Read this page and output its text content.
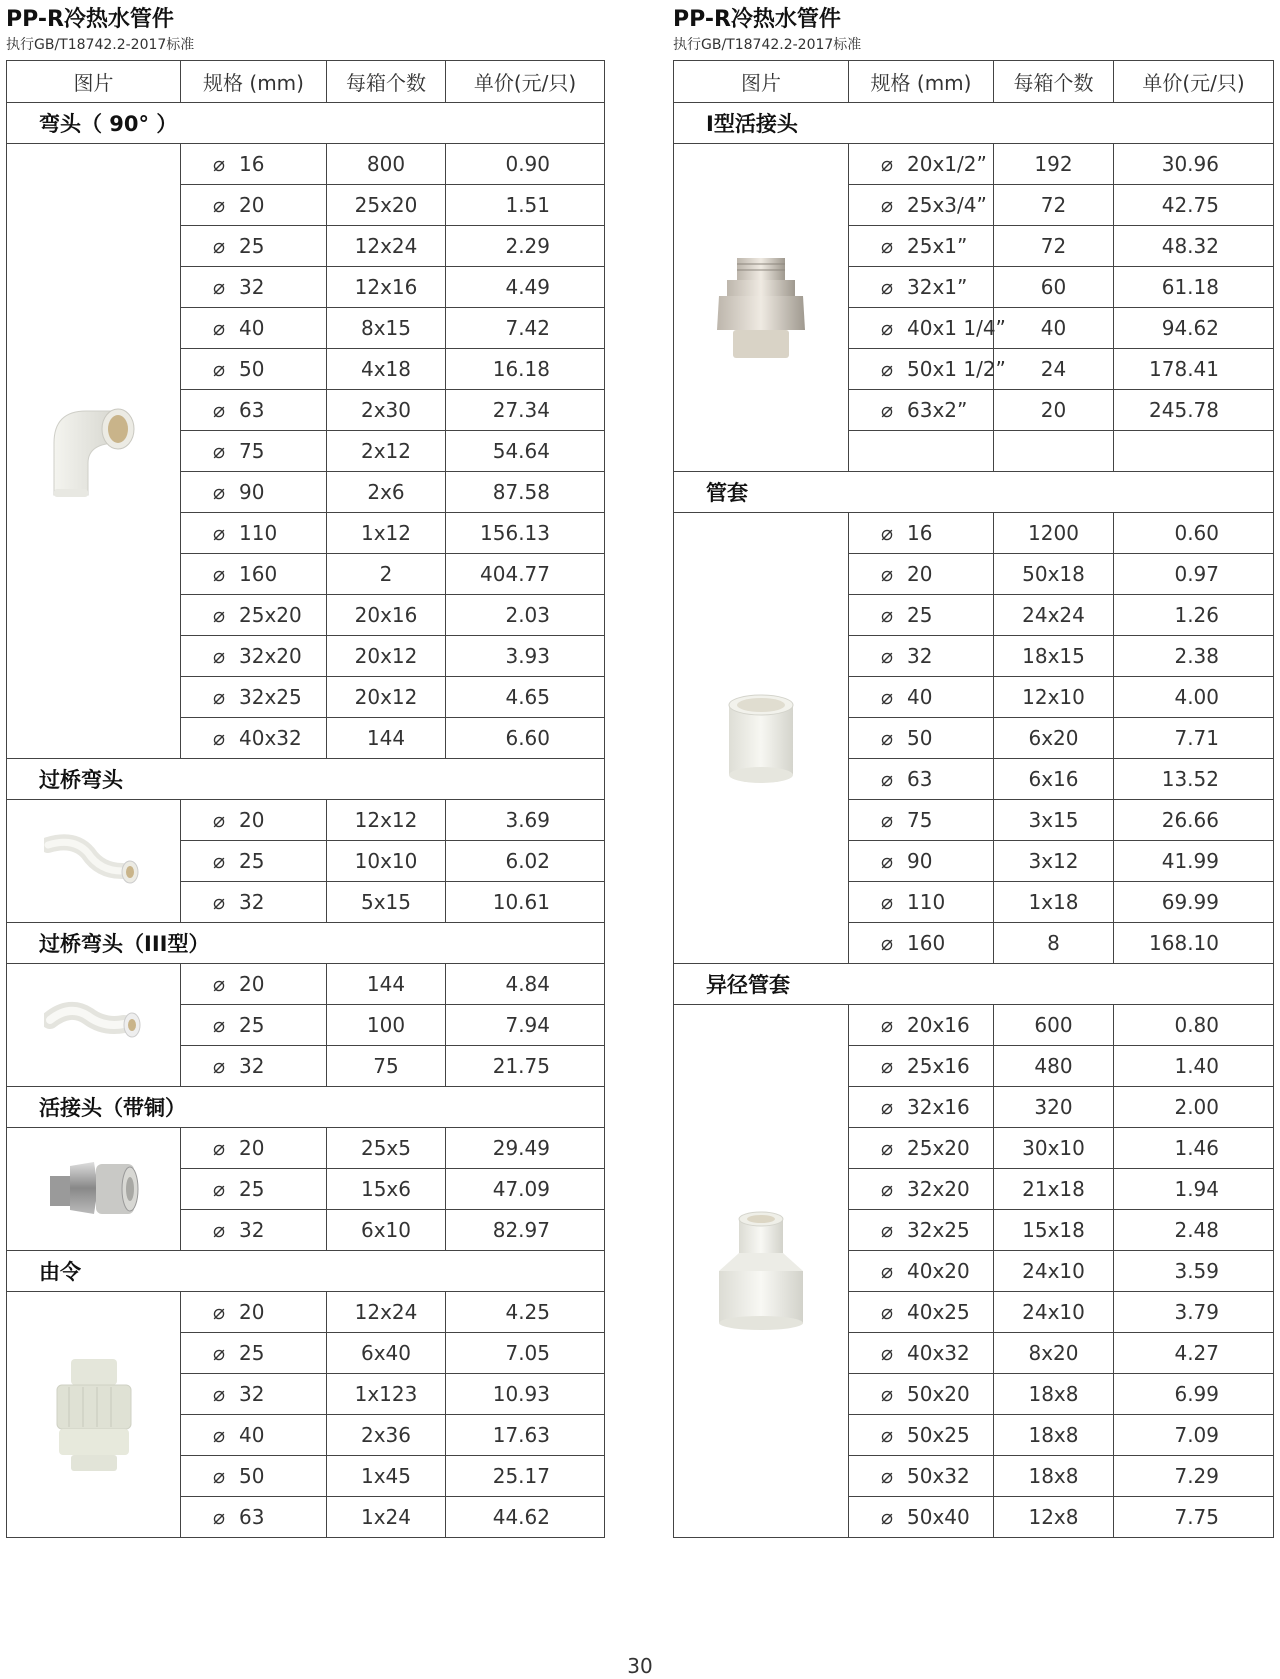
PP-R冷热水管件
执行GB/T18742.2-2017标准
图片	规格 (mm)	每箱个数	单价(元/只)
弯头（ 90° ）			

	⌀ 16	800	0.90
	⌀ 20	25x20	1.51
	⌀ 25	12x24	2.29
	⌀ 32	12x16	4.49
	⌀ 40	8x15	7.42
	⌀ 50	4x18	16.18
	⌀ 63	2x30	27.34
	⌀ 75	2x12	54.64
	⌀ 90	2x6	87.58
	⌀ 110	1x12	156.13
	⌀ 160	2	404.77
	⌀ 25x20	20x16	2.03
	⌀ 32x20	20x12	3.93
	⌀ 32x25	20x12	4.65
	⌀ 40x32	144	6.60
过桥弯头			

	⌀ 20	12x12	3.69
	⌀ 25	10x10	6.02
	⌀ 32	5x15	10.61
过桥弯头（III型）			

	⌀ 20	144	4.84
	⌀ 25	100	7.94
	⌀ 32	75	21.75
活接头（带铜）			

	⌀ 20	25x5	29.49
	⌀ 25	15x6	47.09
	⌀ 32	6x10	82.97
由令			

	⌀ 20	12x24	4.25
	⌀ 25	6x40	7.05
	⌀ 32	1x123	10.93
	⌀ 40	2x36	17.63
	⌀ 50	1x45	25.17
	⌀ 63	1x24	44.62
PP-R冷热水管件
执行GB/T18742.2-2017标准
图片	规格 (mm)	每箱个数	单价(元/只)
I型活接头			

	⌀ 20x1/2”	192	30.96
	⌀ 25x3/4”	72	42.75
	⌀ 25x1”	72	48.32
	⌀ 32x1”	60	61.18
	⌀ 40x1 1/4”	40	94.62
	⌀ 50x1 1/2”	24	178.41
	⌀ 63x2”	20	245.78

管套			

	⌀ 16	1200	0.60
	⌀ 20	50x18	0.97
	⌀ 25	24x24	1.26
	⌀ 32	18x15	2.38
	⌀ 40	12x10	4.00
	⌀ 50	6x20	7.71
	⌀ 63	6x16	13.52
	⌀ 75	3x15	26.66
	⌀ 90	3x12	41.99
	⌀ 110	1x18	69.99
	⌀ 160	8	168.10
异径管套			

	⌀ 20x16	600	0.80
	⌀ 25x16	480	1.40
	⌀ 32x16	320	2.00
	⌀ 25x20	30x10	1.46
	⌀ 32x20	21x18	1.94
	⌀ 32x25	15x18	2.48
	⌀ 40x20	24x10	3.59
	⌀ 40x25	24x10	3.79
	⌀ 40x32	8x20	4.27
	⌀ 50x20	18x8	6.99
	⌀ 50x25	18x8	7.09
	⌀ 50x32	18x8	7.29
	⌀ 50x40	12x8	7.75
30
